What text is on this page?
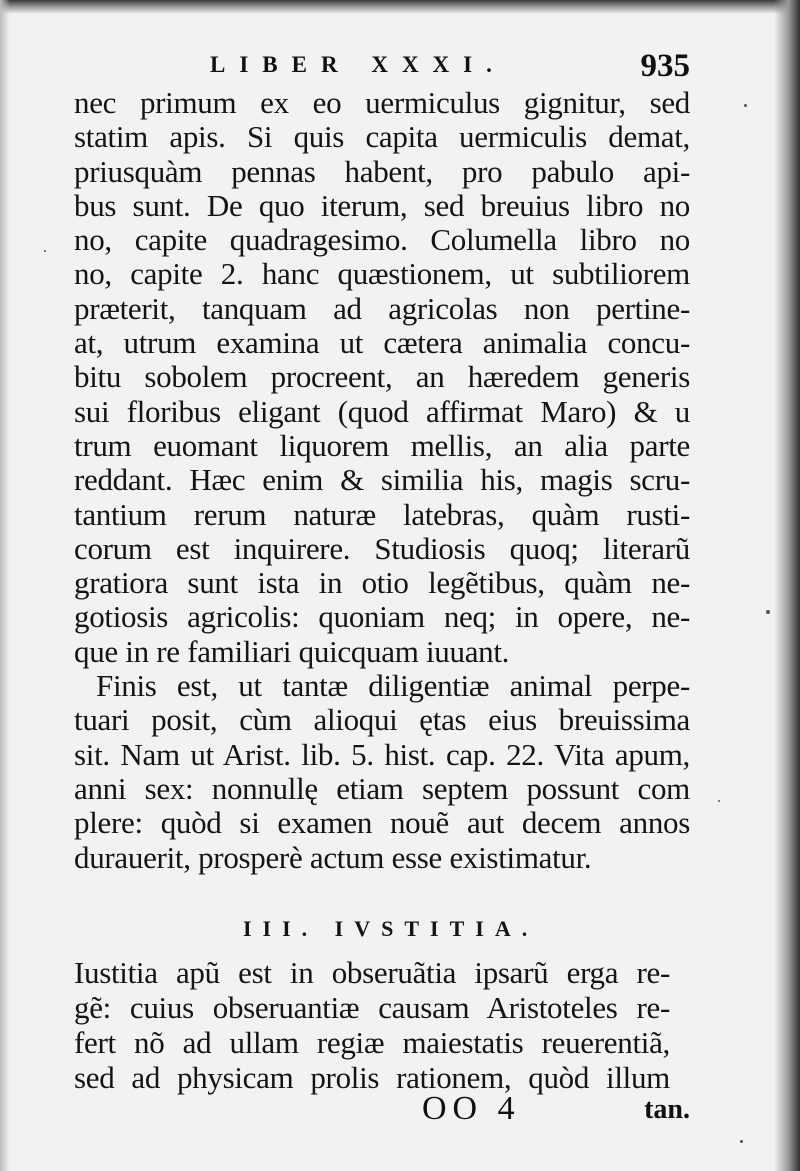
LIBER XXXI.	935
nec primum ex eo uermiculus gignitur, sed
statim apis. Si quis capita uermiculis demat,
priusquàm pennas habent, pro pabulo api-
bus sunt. De quo iterum, sed breuius libro no
no, capite quadragesimo. Columella libro no
no, capite 2. hanc quæstionem, ut subtiliorem
præterit, tanquam ad agricolas non pertine-
at, utrum examina ut cætera animalia concu-
bitu sobolem procreent, an hæredem generis
sui floribus eligant (quod affirmat Maro) & u
trum euomant liquorem mellis, an alia parte
reddant. Hæc enim & similia his, magis scru-
tantium rerum naturæ latebras, quàm rusti-
corum est inquirere. Studiosis quoq; literarũ
gratiora sunt ista in otio legẽtibus, quàm ne-
gotiosis agricolis: quoniam neq; in opere, ne-
que in re familiari quicquam iuuant.
Finis est, ut tantæ diligentiæ animal perpe-
tuari posit, cùm alioqui ętas eius breuissima
sit. Nam ut Arist. lib. 5. hist. cap. 22. Vita apum,
anni sex: nonnullę etiam septem possunt com
plere: quòd si examen nouẽ aut decem annos
durauerit, prosperè actum esse existimatur.
III. IVSTITIA.
Iustitia apũ est in obseruãtia ipsarũ erga re-
gẽ: cuius obseruantiæ causam Aristoteles re-
fert nõ ad ullam regiæ maiestatis reuerentiã,
sed ad physicam prolis rationem, quòd illum
OO 4	tan.
